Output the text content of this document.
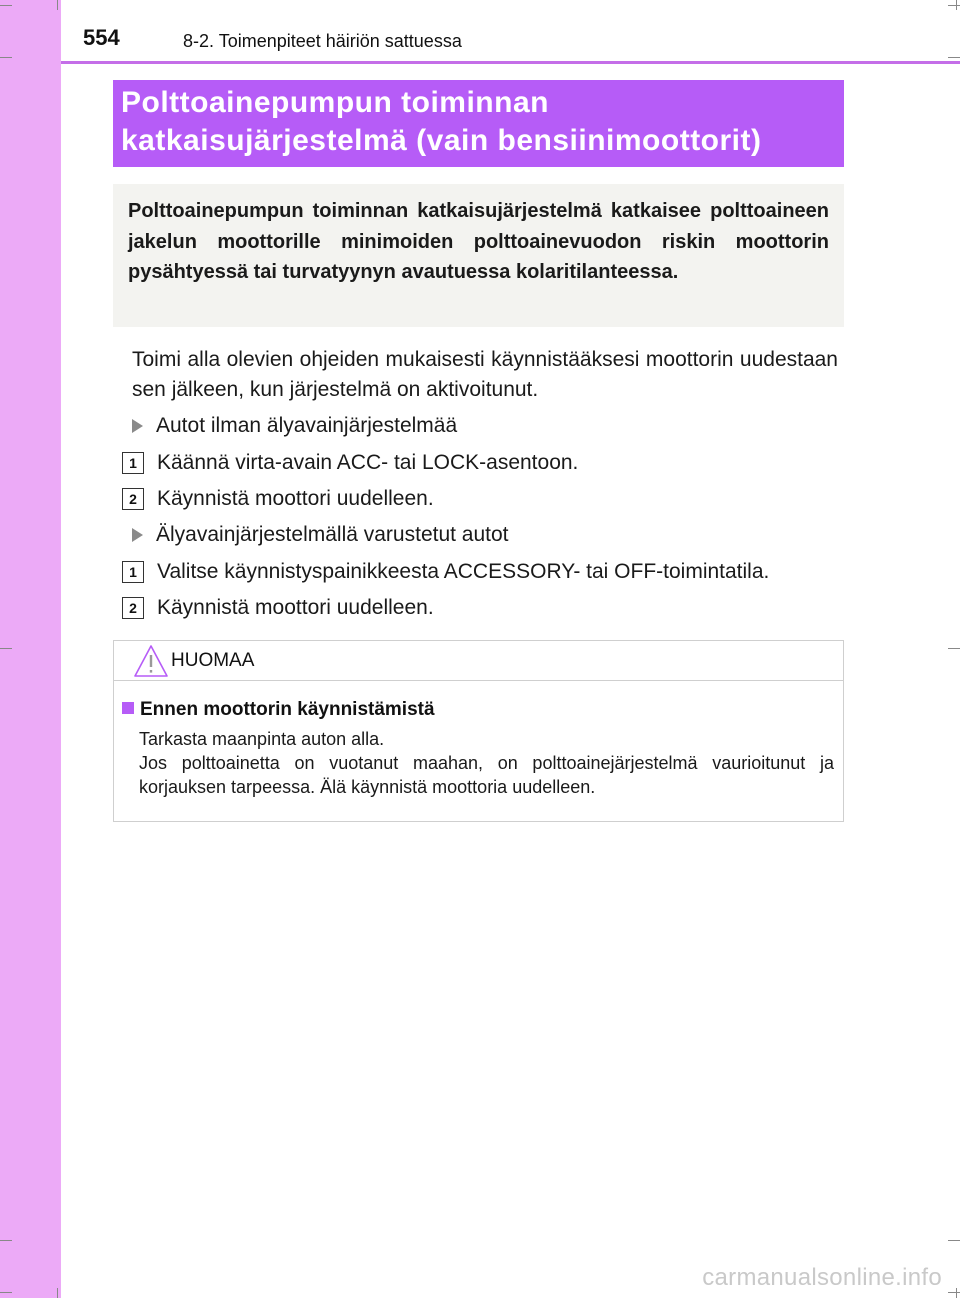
554	8-2. Toimenpiteet häiriön sattuessa
Polttoainepumpun toiminnan
katkaisujärjestelmä (vain bensiinimoottorit)

Polttoainepumpun toiminnan katkaisujärjestelmä katkaisee polttoaineen jakelun moottorille minimoiden polttoainevuodon riskin moottorin pysähtyessä tai turvatyynyn avautuessa kolaritilanteessa.

Toimi alla olevien ohjeiden mukaisesti käynnistääksesi moottorin uudestaan sen jälkeen, kun järjestelmä on aktivoitunut.

Autot ilman älyavainjärjestelmää
1 Käännä virta-avain ACC- tai LOCK-asentoon.
2 Käynnistä moottori uudelleen.
Älyavainjärjestelmällä varustetut autot
1 Valitse käynnistyspainikkeesta ACCESSORY- tai OFF-toimintatila.
2 Käynnistä moottori uudelleen.
HUOMAA
Ennen moottorin käynnistämistä

Tarkasta maanpinta auton alla.
Jos polttoainetta on vuotanut maahan, on polttoainejärjestelmä vaurioitunut ja korjauksen tarpeessa. Älä käynnistä moottoria uudelleen.

carmanualsonline.info
